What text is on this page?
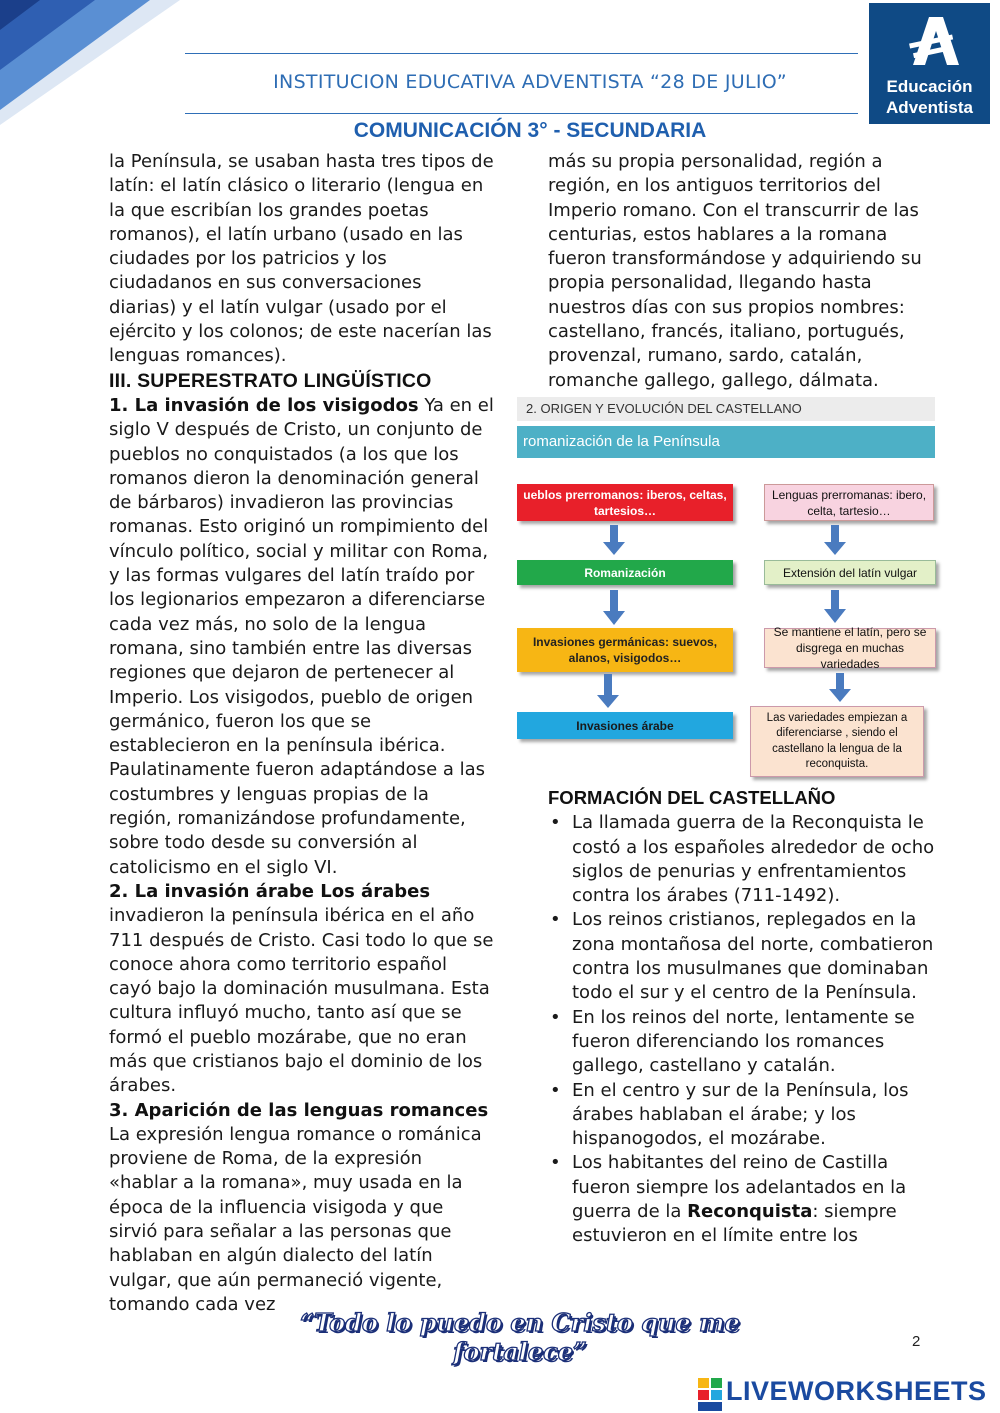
INSTITUCION EDUCATIVA ADVENTISTA “28 DE JULIO”
COMUNICACIÓN 3° - SECUNDARIA
Educación
Adventista

la Península, se usaban hasta tres tipos de latín: el latín clásico o literario (lengua en la que escribían los grandes poetas romanos), el latín urbano (usado en las ciudades por los patricios y los ciudadanos en sus conversaciones diarias) y el latín vulgar (usado por el ejército y los colonos; de este nacerían las lenguas romances).

III. SUPERESTRATO LINGÜÍSTICO

1. La invasión de los visigodos Ya en el siglo V después de Cristo, un conjunto de pueblos no conquistados (a los que los romanos dieron la denominación general de bárbaros) invadieron las provincias romanas. Esto originó un rompimiento del vínculo político, social y militar con Roma, y las formas vulgares del latín traído por los legionarios empezaron a diferenciarse cada vez más, no solo de la lengua romana, sino también entre las diversas regiones que dejaron de pertenecer al Imperio. Los visigodos, pueblo de origen germánico, fueron los que se establecieron en la península ibérica. Paulatinamente fueron adaptándose a las costumbres y lenguas propias de la región, romanizándose profundamente, sobre todo desde su conversión al catolicismo en el siglo VI.

2. La invasión árabe Los árabes

invadieron la península ibérica en el año 711 después de Cristo. Casi todo lo que se conoce ahora como territorio español cayó bajo la dominación musulmana. Esta cultura influyó mucho, tanto así que se formó el pueblo mozárabe, que no eran más que cristianos bajo el dominio de los árabes.

3. Aparición de las lenguas romances

La expresión lengua romance o románica proviene de Roma, de la expresión «hablar a la romana», muy usada en la época de la influencia visigoda y que sirvió para señalar a las personas que hablaban en algún dialecto del latín vulgar, que aún permaneció vigente, tomando cada vez

más su propia personalidad, región a región, en los antiguos territorios del Imperio romano. Con el transcurrir de las centurias, estos hablares a la romana fueron transformándose y adquiriendo su propia personalidad, llegando hasta nuestros días con sus propios nombres: castellano, francés, italiano, portugués, provenzal, rumano, sardo, catalán, romanche gallego, gallego, dálmata.

2. ORIGEN Y EVOLUCIÓN DEL CASTELLANO
romanización de la Península
ueblos prerromanos: iberos, celtas, tartesios…
Lenguas prerromanas: ibero, celta, tartesio…
Romanización	Extensión del latín vulgar
Invasiones germánicas: suevos, alanos, visigodos…
Se mantiene el latín, pero se disgrega en muchas variedades
Invasiones árabe
Las variedades empiezan a diferenciarse , siendo el castellano la lengua de la reconquista.

FORMACIÓN DEL CASTELLAÑO

• La llamada guerra de la Reconquista le costó a los españoles alrededor de ocho siglos de penurias y enfrentamientos contra los árabes (711-1492).
• Los reinos cristianos, replegados en la zona montañosa del norte, combatieron contra los musulmanes que dominaban todo el sur y el centro de la Península.
• En los reinos del norte, lentamente se fueron diferenciando los romances gallego, castellano y catalán.
• En el centro y sur de la Península, los árabes hablaban el árabe; y los hispanogodos, el mozárabe.
• Los habitantes del reino de Castilla fueron siempre los adelantados en la guerra de la Reconquista: siempre estuvieron en el límite entre los
“Todo lo puedo en Cristo que me fortalece”	2
LIVEWORKSHEETS
